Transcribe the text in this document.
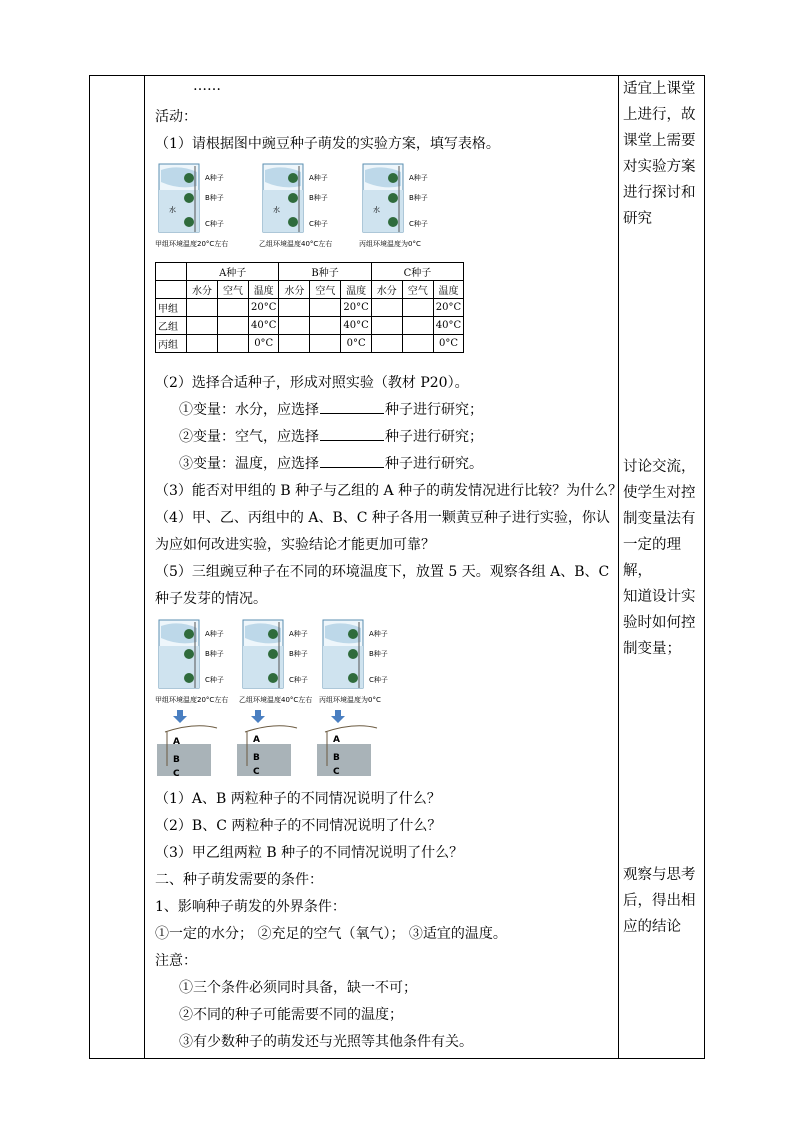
……
活动：
（1）请根据图中豌豆种子萌发的实验方案，填写表格。
A种子
B种子
C种子
水
A种子
B种子
C种子
水
A种子
B种子
C种子
水
甲组环境温度20°C左右	乙组环境温度40°C左右	丙组环境温度为0°C
	A种子			B种子			C种子		
	水分	空气	温度	水分	空气	温度	水分	空气	温度
甲组			20°C			20°C			20°C
乙组			40°C			40°C			40°C
丙组			0°C			0°C			0°C
（2）选择合适种子，形成对照实验（教材 P20）。
①变量：水分，应选择	种子进行研究；
②变量：空气，应选择	种子进行研究；
③变量：温度，应选择	种子进行研究。
（3）能否对甲组的 B 种子与乙组的 A 种子的萌发情况进行比较？为什么？
（4）甲、乙、丙组中的 A、B、C 种子各用一颗黄豆种子进行实验，你认
为应如何改进实验，实验结论才能更加可靠？
（5）三组豌豆种子在不同的环境温度下，放置 5 天。观察各组 A、B、C
种子发芽的情况。
A种子
B种子
C种子
A种子
B种子
C种子
A种子
B种子
C种子
甲组环境温度20°C左右 乙组环境温度40°C左右 丙组环境温度为0°C
A
B
C
A
B
C
A
B
C
（1）A、B 两粒种子的不同情况说明了什么？
（2）B、C 两粒种子的不同情况说明了什么？
（3）甲乙组两粒 B 种子的不同情况说明了什么？
二、种子萌发需要的条件：
1、影响种子萌发的外界条件：
①一定的水分； ②充足的空气（氧气）； ③适宜的温度。
注意：
①三个条件必须同时具备，缺一不可；
②不同的种子可能需要不同的温度；
③有少数种子的萌发还与光照等其他条件有关。
适宜上课堂
上进行，故
课堂上需要
对实验方案
进行探讨和
研究
讨论交流，
使学生对控
制变量法有
一定的理解，
知道设计实
验时如何控
制变量；
观察与思考
后，得出相
应的结论
